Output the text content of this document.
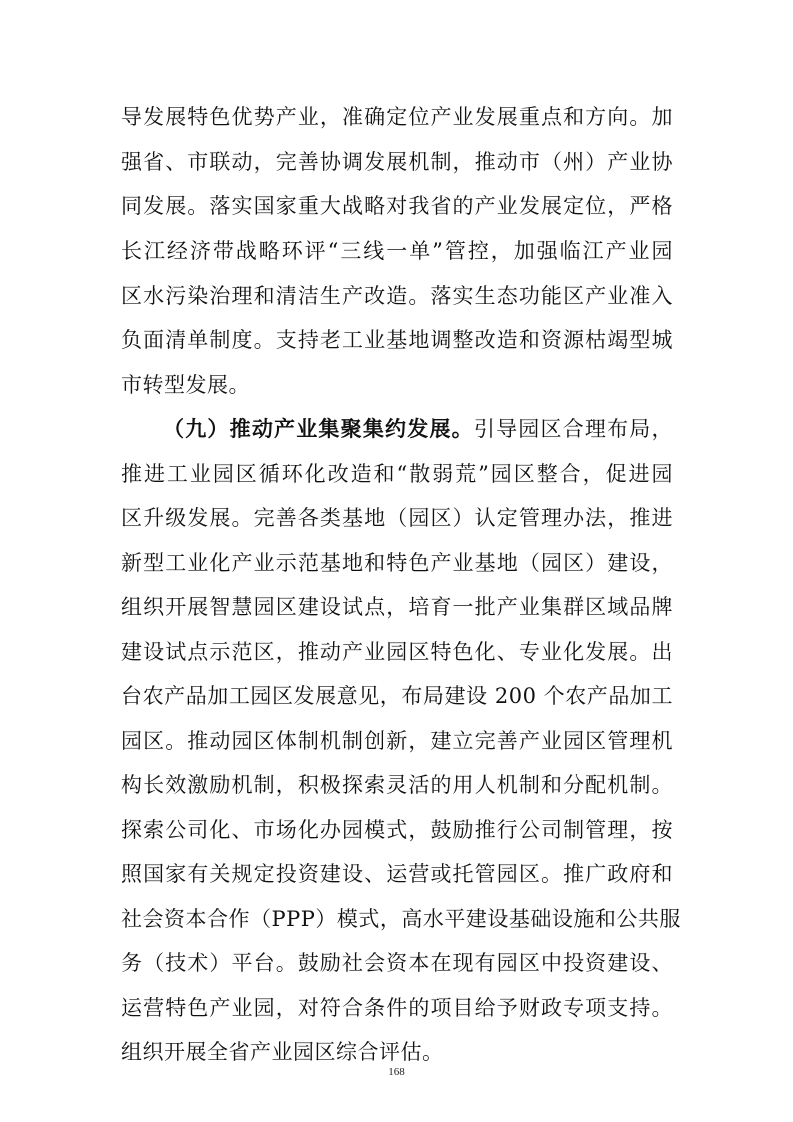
导发展特色优势产业，准确定位产业发展重点和方向。加
强省、市联动，完善协调发展机制，推动市（州）产业协
同发展。落实国家重大战略对我省的产业发展定位，严格
长江经济带战略环评“三线一单”管控，加强临江产业园
区水污染治理和清洁生产改造。落实生态功能区产业准入
负面清单制度。支持老工业基地调整改造和资源枯竭型城
市转型发展。
（九）推动产业集聚集约发展。引导园区合理布局，
推进工业园区循环化改造和“散弱荒”园区整合，促进园
区升级发展。完善各类基地（园区）认定管理办法，推进
新型工业化产业示范基地和特色产业基地（园区）建设，
组织开展智慧园区建设试点，培育一批产业集群区域品牌
建设试点示范区，推动产业园区特色化、专业化发展。出
台农产品加工园区发展意见，布局建设 200 个农产品加工
园区。推动园区体制机制创新，建立完善产业园区管理机
构长效激励机制，积极探索灵活的用人机制和分配机制。
探索公司化、市场化办园模式，鼓励推行公司制管理，按
照国家有关规定投资建设、运营或托管园区。推广政府和
社会资本合作（PPP）模式，高水平建设基础设施和公共服
务（技术）平台。鼓励社会资本在现有园区中投资建设、
运营特色产业园，对符合条件的项目给予财政专项支持。
组织开展全省产业园区综合评估。
168
